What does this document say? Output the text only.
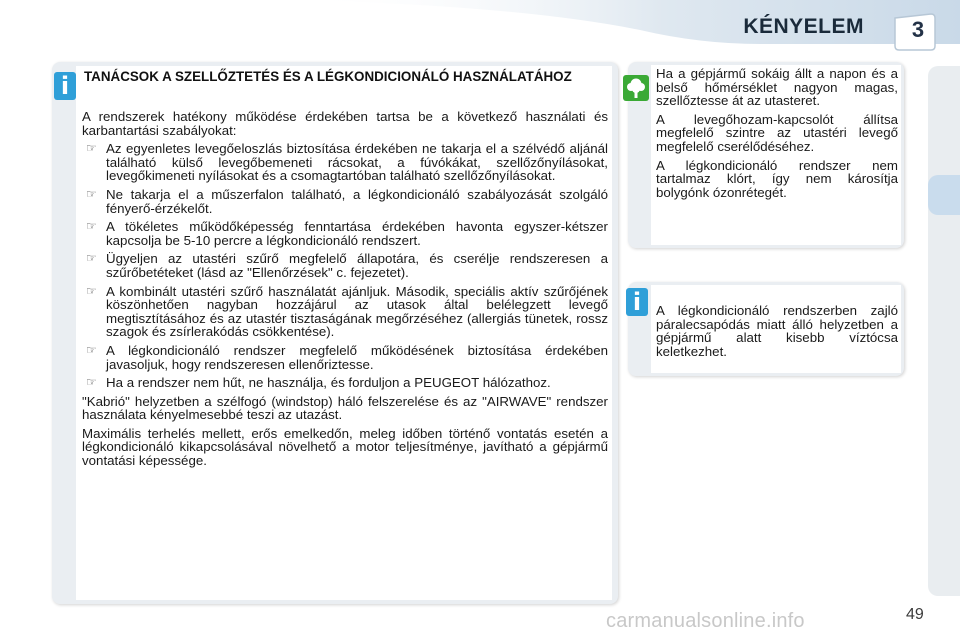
KÉNYELEM 3
i	TANÁCSOK A SZELLŐZTETÉS ÉS A LÉGKONDICIONÁLÓ HASZNÁLATÁHOZ

A rendszerek hatékony működése érdekében tartsa be a következő használati és karbantartási szabályokat:

☞ Az egyenletes levegőeloszlás biztosítása érdekében ne takarja el a szélvédő aljánál található külső levegőbemeneti rácsokat, a fúvókákat, szellőzőnyílásokat, levegőkimeneti nyílásokat és a csomagtartóban található szellőzőnyílásokat.
☞ Ne takarja el a műszerfalon található, a légkondicionáló szabályozását szolgáló fényerő-érzékelőt.
☞ A tökéletes működőképesség fenntartása érdekében havonta egyszer-kétszer kapcsolja be 5-10 percre a légkondicionáló rendszert.
☞ Ügyeljen az utastéri szűrő megfelelő állapotára, és cserélje rendszeresen a szűrőbetéteket (lásd az "Ellenőrzések" c. fejezetet).
☞ A kombinált utastéri szűrő használatát ajánljuk. Második, speciális aktív szűrőjének köszönhetően nagyban hozzájárul az utasok által belélegzett levegő megtisztításához és az utastér tisztaságának megőrzéséhez (allergiás tünetek, rossz szagok és zsírlerakódás csökkentése).
☞ A légkondicionáló rendszer megfelelő működésének biztosítása érdekében javasoljuk, hogy rendszeresen ellenőriztesse.
☞ Ha a rendszer nem hűt, ne használja, és forduljon a PEUGEOT hálózathoz.

"Kabrió" helyzetben a szélfogó (windstop) háló felszerelése és az "AIRWAVE" rendszer használata kényelmesebbé teszi az utazást.

Maximális terhelés mellett, erős emelkedőn, meleg időben történő vontatás esetén a légkondicionáló kikapcsolásával növelhető a motor teljesítménye, javítható a gépjármű vontatási képessége.

Ha a gépjármű sokáig állt a napon és a belső hőmérséklet nagyon magas, szellőztesse át az utasteret.

A levegőhozam-kapcsolót állítsa megfelelő szintre az utastéri levegő megfelelő cserélődéséhez.

A légkondicionáló rendszer nem tartalmaz klórt, így nem károsítja bolygónk ózonrétegét.

i	A légkondicionáló rendszerben zajló páralecsapódás miatt álló helyzetben a gépjármű alatt kisebb víztócsa keletkezhet.
carmanualsonline.info	49
